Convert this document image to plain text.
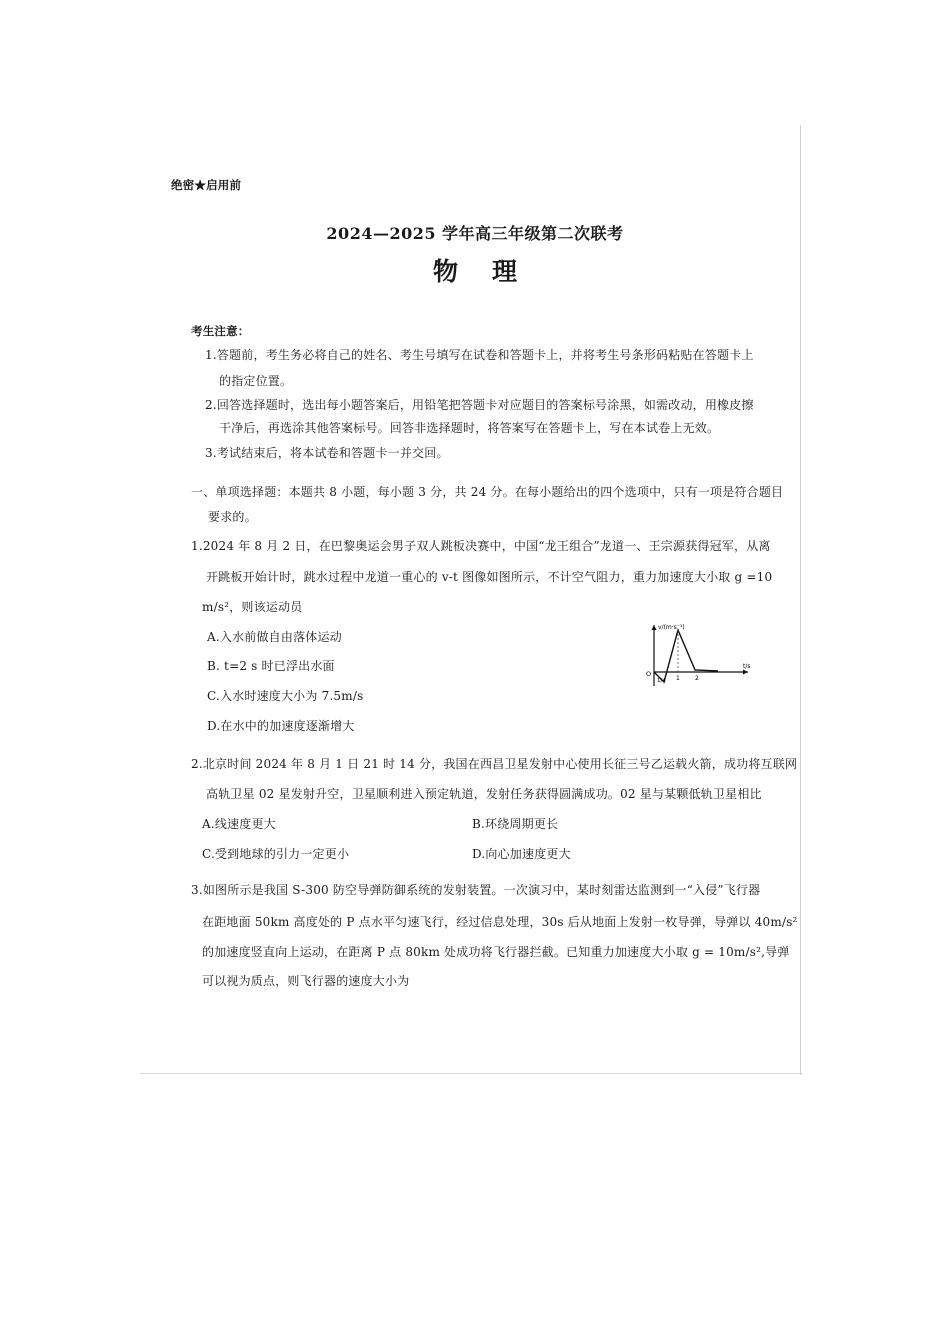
绝密★启用前
2024—2025 学年高三年级第二次联考
物理
考生注意：
1.答题前，考生务必将自己的姓名、考生号填写在试卷和答题卡上，并将考生号条形码粘贴在答题卡上
的指定位置。
2.回答选择题时，选出每小题答案后，用铅笔把答题卡对应题目的答案标号涂黑，如需改动，用橡皮擦
干净后，再选涂其他答案标号。回答非选择题时，将答案写在答题卡上，写在本试卷上无效。
3.考试结束后，将本试卷和答题卡一并交回。
一、单项选择题：本题共 8 小题，每小题 3 分，共 24 分。在每小题给出的四个选项中，只有一项是符合题目
要求的。
1.2024 年 8 月 2 日，在巴黎奥运会男子双人跳板决赛中，中国“龙王组合”龙道一、王宗源获得冠军，从离
开跳板开始计时，跳水过程中龙道一重心的 v-t 图像如图所示，不计空气阻力，重力加速度大小取 g =10
m/s²，则该运动员
A.入水前做自由落体运动
B. t=2 s 时已浮出水面
C.入水时速度大小为 7.5m/s
D.在水中的加速度逐渐增大
v/(m·s⁻¹)
t/s
O
1/4 1	2
2.北京时间 2024 年 8 月 1 日 21 时 14 分，我国在西昌卫星发射中心使用长征三号乙运载火箭，成功将互联网
高轨卫星 02 星发射升空，卫星顺利进入预定轨道，发射任务获得圆满成功。02 星与某颗低轨卫星相比
A.线速度更大	B.环绕周期更长
C.受到地球的引力一定更小	D.向心加速度更大
3.如图所示是我国 S-300 防空导弹防御系统的发射装置。一次演习中，某时刻雷达监测到一“入侵”飞行器
在距地面 50km 高度处的 P 点水平匀速飞行，经过信息处理，30s 后从地面上发射一枚导弹，导弹以 40m/s²
的加速度竖直向上运动，在距离 P 点 80km 处成功将飞行器拦截。已知重力加速度大小取 g = 10m/s²,导弹
可以视为质点，则飞行器的速度大小为
